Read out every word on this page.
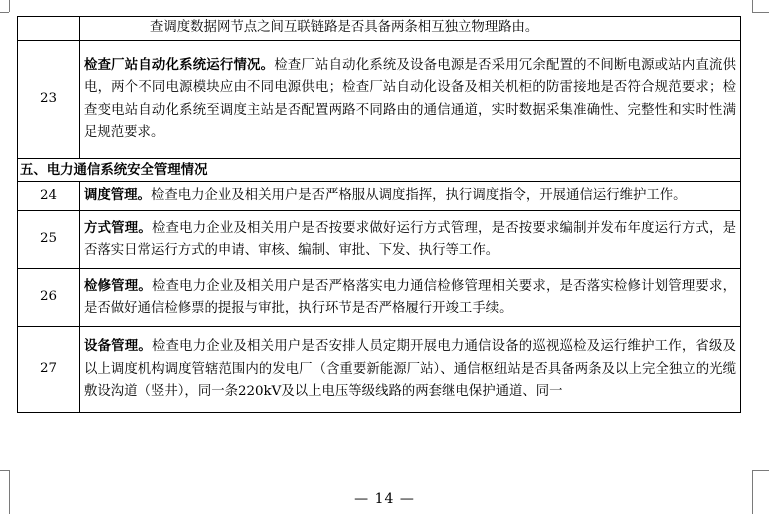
	查调度数据网节点之间互联链路是否具备两条相互独立物理路由。
23	检查厂站自动化系统运行情况。检查厂站自动化系统及设备电源是否采用冗余配置的不间断电源或站内直流供电，两个不同电源模块应由不同电源供电；检查厂站自动化设备及相关机柜的防雷接地是否符合规范要求；检查变电站自动化系统至调度主站是否配置两路不同路由的通信通道，实时数据采集准确性、完整性和实时性满足规范要求。
五、电力通信系统安全管理情况	
24	调度管理。检查电力企业及相关用户是否严格服从调度指挥，执行调度指令，开展通信运行维护工作。
25	方式管理。检查电力企业及相关用户是否按要求做好运行方式管理，是否按要求编制并发布年度运行方式，是否落实日常运行方式的申请、审核、编制、审批、下发、执行等工作。
26	检修管理。检查电力企业及相关用户是否严格落实电力通信检修管理相关要求，是否落实检修计划管理要求，是否做好通信检修票的提报与审批，执行环节是否严格履行开竣工手续。
27	设备管理。检查电力企业及相关用户是否安排人员定期开展电力通信设备的巡视巡检及运行维护工作，省级及以上调度机构调度管辖范围内的发电厂（含重要新能源厂站）、通信枢纽站是否具备两条及以上完全独立的光缆敷设沟道（竖井），同一条220kV及以上电压等级线路的两套继电保护通道、同一
— 14 —
